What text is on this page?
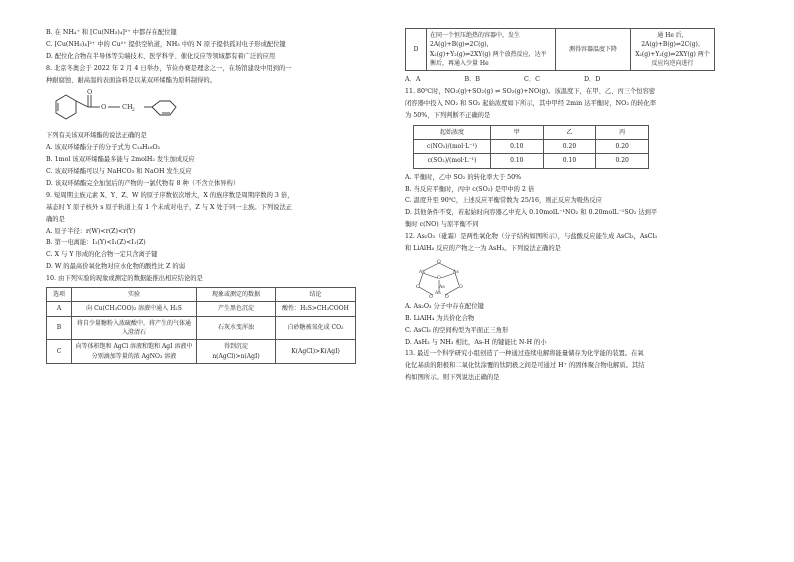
B. 在 NH₄⁺ 和 [Cu(NH₃)₄]²⁺ 中都存在配位键
C. [Cu(NH₃)₄]²⁺ 中的 Cu²⁺ 提供空轨道，NH₃ 中的 N 原子提供孤对电子形成配位键
D. 配位化合物在半导体等尖端技术、医学科学、催化反应等领域都有着广泛的应用
8. 北京冬奥会于 2022 年 2 月 4 日举办，节俭办赛是理念之一，在场馆建设中用到的一
种耐腐蚀、耐高温的表面涂料是以某双环烯酯为原料制得的。
O
O CH 2
下列有关该双环烯酯的说法正确的是
A. 该双环烯酯分子的分子式为 C₁₄H₁₈O₂
B. 1mol 该双环烯酯最多能与 2molH₂ 发生加成反应
C. 该双环烯酯可以与 NaHCO₃ 和 NaOH 发生反应
D. 该双环烯酯完全加氢后的产物的一氯代物有 8 种（不含立体异构）
9. 短周期主族元素 X、Y、Z、W 的原子序数依次增大，X 的族序数是周期序数的 3 倍，
基态时 Y 原子核外 s 原子轨道上有 1 个未成对电子，Z 与 X 处于同一主族。下列说法正
确的是
A. 原子半径：r(W)<r(Z)<r(Y)
B. 第一电离能：I₁(Y)<I₁(Z)<I₁(Z)
C. X 与 Y 形成的化合物一定只含离子键
D. W 的最高价氧化物对应水化物的酸性比 Z 的弱
10. 由下列实验的现象或测定的数据能推出相应结论的是
选项	实验	现象或测定的数据	结论
A	向 Cu(CH₃COO)₂ 溶液中通入 H₂S	产生黑色沉淀	酸性：H₂S>CH₃COOH
B	将自少量糖粉入浓硫酸中，将产生的气体通入澄清石	石灰水变浑浊	白砂糖被氧化成 CO₂
C	向等体积饱和 AgCl 溶液和饱和 AgI 溶液中分别滴加等量的浓 AgNO₃ 溶液	得到沉淀 n(AgCl)>n(AgI)	K(AgCl)>K(AgI)
D	在同一个恒压绝热的容器中，发生 2A(g)+B(g)⇌2C(g)，X₂(g)+Y₂(g)⇌2XY(g) 两个放热反应，达平衡后，再通入少量 He	测得容器温度下降	通 He 后，2A(g)+B(g)⇌2C(g)、X₂(g)+Y₂(g)⇌2XY(g) 两个反应均逆向进行
A．A	B．B	C．C	D．D
11. 80℃时，NO₂(g)+SO₂(g) ⇌ SO₃(g)+NO(g)。该温度下，在甲、乙、丙三个恒容密
闭容器中投入 NO₂ 和 SO₂ 起始浓度如下所示，其中甲经 2min 达平衡时，NO₂ 的转化率
为 50%，下列判断不正确的是
起始浓度	甲	乙	丙
c(NO₂)/(mol·L⁻¹)	0.10	0.20	0.20
c(SO₂)/(mol·L⁻¹)	0.10	0.10	0.20
A. 平衡时，乙中 SO₂ 的转化率大于 50%
B. 当反应平衡时，丙中 c(SO₂) 是甲中的 2 倍
C. 温度升至 90℃，上述反应平衡常数为 25/16，则正反应为吸热反应
D. 其他条件不变，若起始时向容器乙中充入 0.10molL⁻¹NO₂ 和 0.20molL⁻¹SO₂ 达到平
衡时 c(NO) 与原平衡不同
12. As₂O₃（砒霜）是两性氧化物（分子结构如图所示），与盐酸反应能生成 AsCl₃，AsCl₃
和 LiAlH₄ 反应的产物之一为 AsH₃。下列说法正确的是
O
As
O
As
O
As
O
As
O	O
A. As₂O₃ 分子中存在配位键
B. LiAlH₄ 为共价化合物
C. AsCl₃ 的空间构型为平面正三角形
D. AsH₃ 与 NH₃ 相比，As-H 的键能比 N-H 的小
13. 最近一个科学研究小组创造了一种通过连续电解将能量储存为化学能的装置。在氧
化钇基质的阳极和二氧化钛涂覆的钛阴极之间是可通过 H⁺ 的固体聚合物电解质。其结
构如图所示。则下列说法正确的是
